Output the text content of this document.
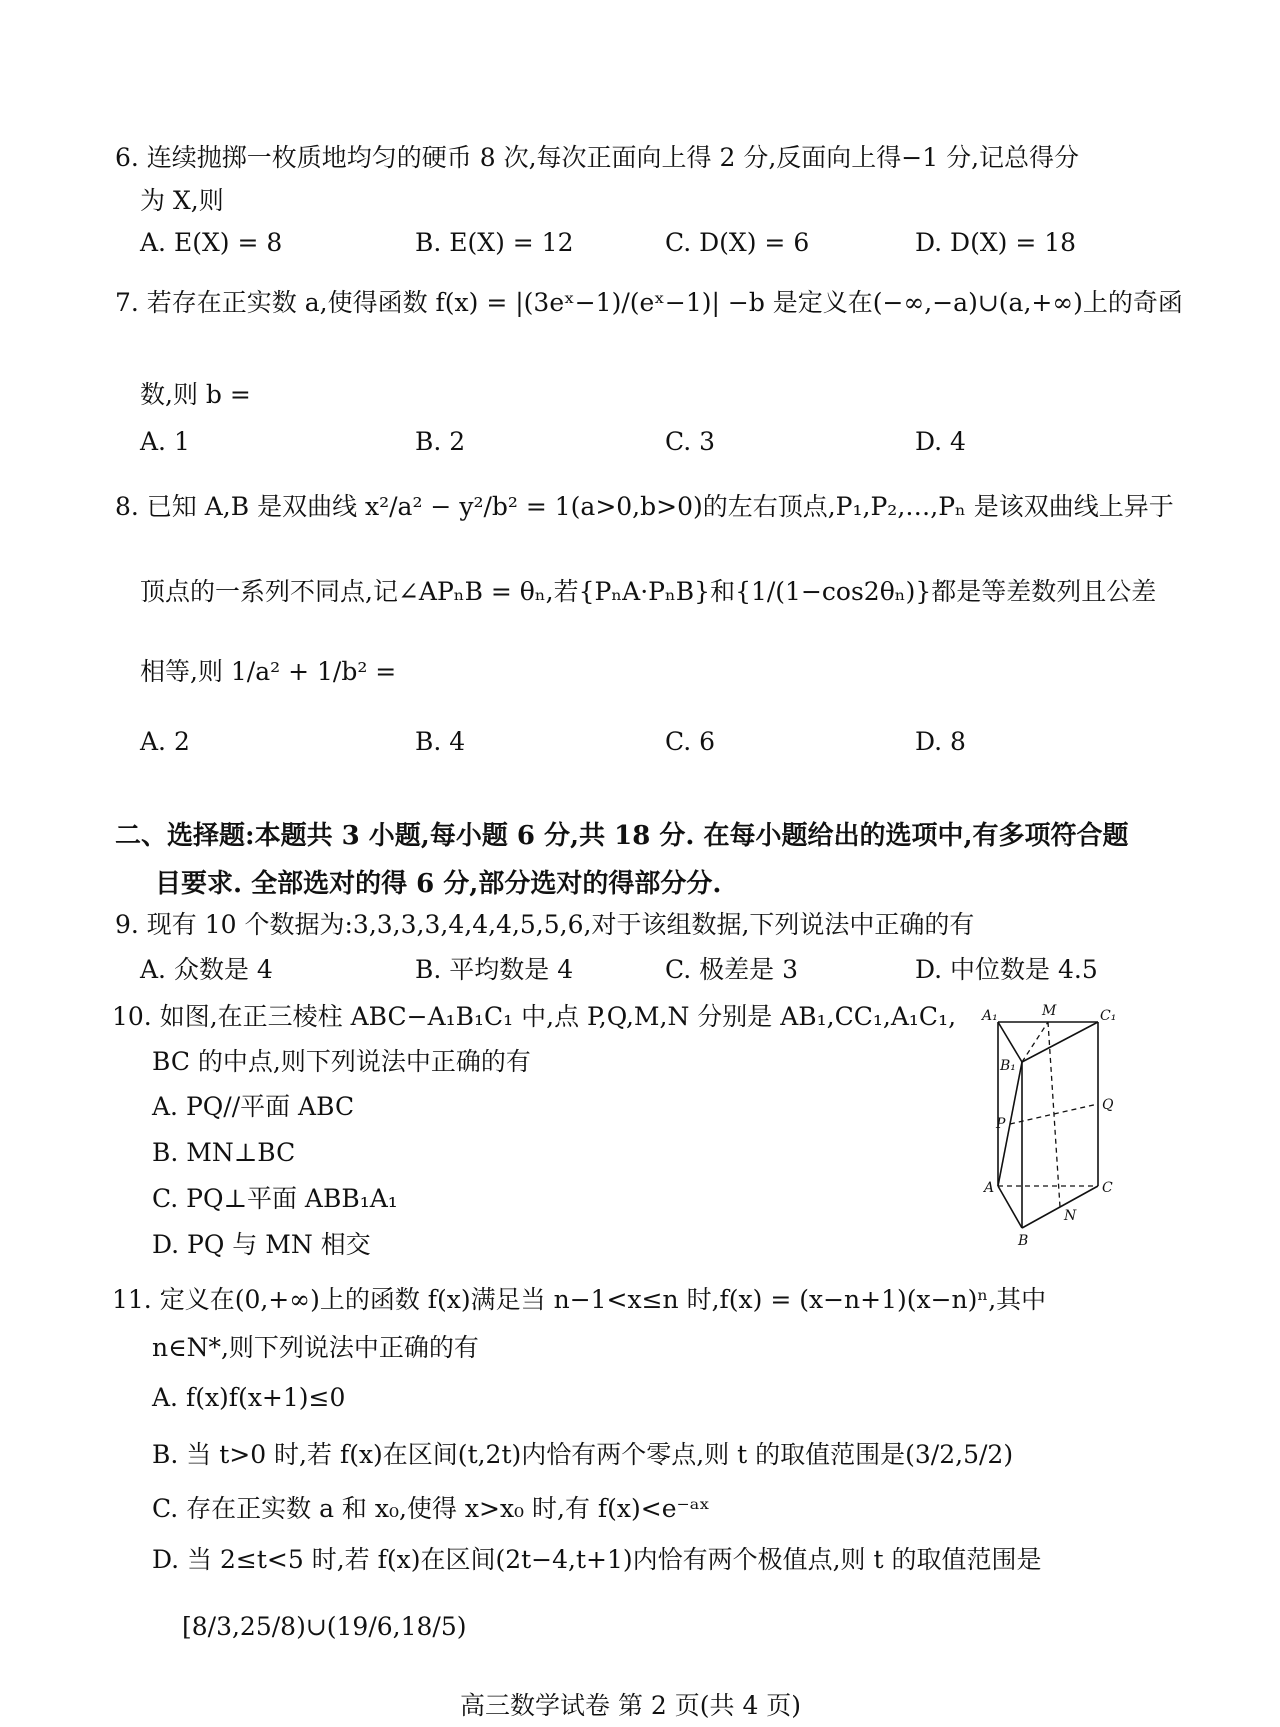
6. 连续抛掷一枚质地均匀的硬币 8 次,每次正面向上得 2 分,反面向上得−1 分,记总得分
为 X,则
A. E(X) = 8	B. E(X) = 12	C. D(X) = 6	D. D(X) = 18
7. 若存在正实数 a,使得函数 f(x) = |(3eˣ−1)/(eˣ−1)| −b 是定义在(−∞,−a)∪(a,+∞)上的奇函
数,则 b =
A. 1	B. 2	C. 3	D. 4
8. 已知 A,B 是双曲线 x²/a² − y²/b² = 1(a>0,b>0)的左右顶点,P₁,P₂,…,Pₙ 是该双曲线上异于
顶点的一系列不同点,记∠APₙB = θₙ,若{PₙA·PₙB}和{1/(1−cos2θₙ)}都是等差数列且公差
相等,则 1/a² + 1/b² =
A. 2	B. 4	C. 6	D. 8
二、选择题:本题共 3 小题,每小题 6 分,共 18 分. 在每小题给出的选项中,有多项符合题
目要求. 全部选对的得 6 分,部分选对的得部分分.
9. 现有 10 个数据为:3,3,3,3,4,4,4,5,5,6,对于该组数据,下列说法中正确的有
A. 众数是 4	B. 平均数是 4	C. 极差是 3	D. 中位数是 4.5
10. 如图,在正三棱柱 ABC−A₁B₁C₁ 中,点 P,Q,M,N 分别是 AB₁,CC₁,A₁C₁,
BC 的中点,则下列说法中正确的有
A. PQ//平面 ABC
B. MN⊥BC
C. PQ⊥平面 ABB₁A₁
D. PQ 与 MN 相交
A₁	M	C₁
B₁
Q
P
A	C
N
B
11. 定义在(0,+∞)上的函数 f(x)满足当 n−1<x≤n 时,f(x) = (x−n+1)(x−n)ⁿ,其中
n∈N*,则下列说法中正确的有
A. f(x)f(x+1)≤0
B. 当 t>0 时,若 f(x)在区间(t,2t)内恰有两个零点,则 t 的取值范围是(3/2,5/2)
C. 存在正实数 a 和 x₀,使得 x>x₀ 时,有 f(x)<e⁻ᵃˣ
D. 当 2≤t<5 时,若 f(x)在区间(2t−4,t+1)内恰有两个极值点,则 t 的取值范围是
[8/3,25/8)∪(19/6,18/5)
高三数学试卷 第 2 页(共 4 页)
